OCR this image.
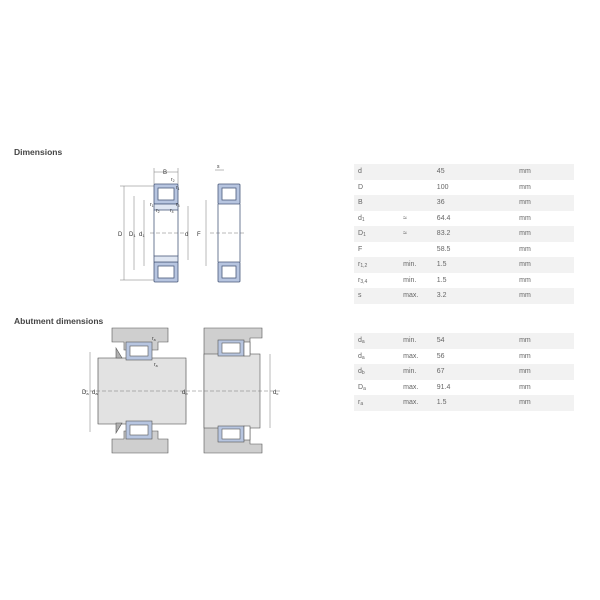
Dimensions
B
s
D D1 d1	d F
$r_2$
$r_1$
$r_1$
$r_2$
$r_3$
$r_4$
d		45	mm
D		100	mm
B		36	mm
$d_1$	≈	64.4	mm
$D_1$	≈	83.2	mm
F		58.5	mm
$r_{1,2}$	min.	1.5	mm
$r_{3,4}$	min.	1.5	mm
s	max.	3.2	mm
Abutment dimensions
Da da	db
$r_a$
$r_a$
dc
$d_a$	min.	54	mm
$d_a$	max.	56	mm
$d_b$	min.	67	mm
$D_a$	max.	91.4	mm
$r_a$	max.	1.5	mm
